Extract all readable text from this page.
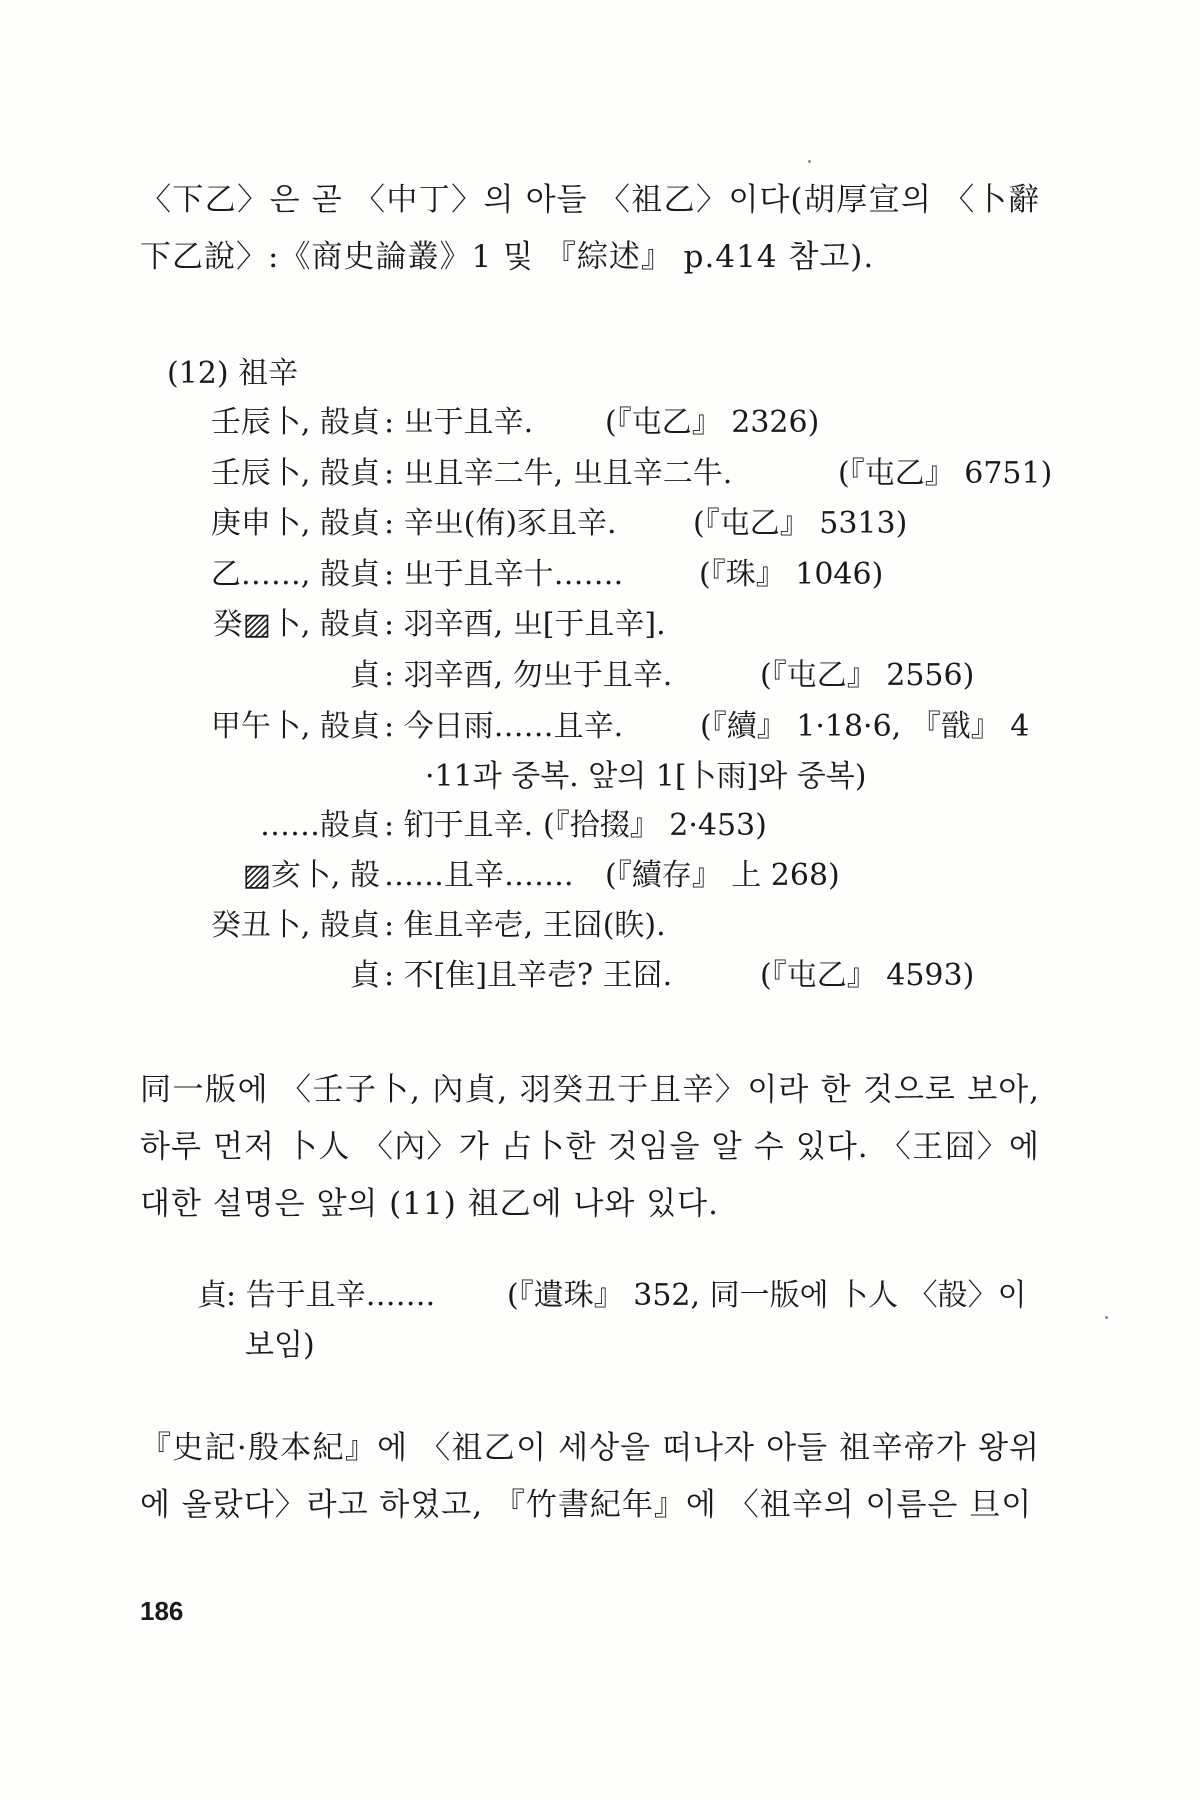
〈下乙〉은 곧 〈中丁〉의 아들 〈祖乙〉이다(胡厚宣의 〈卜辭下乙說〉:《商史論叢》1 및 『綜述』 p.414 참고).

(12) 祖辛
壬辰卜, 㱿貞 : 㞢于且辛. (『屯乙』 2326)
壬辰卜, 㱿貞 : 㞢且辛二牛, 㞢且辛二牛.	(『屯乙』 6751)
庚申卜, 㱿貞 : 辛㞢(侑)豕且辛.	(『屯乙』 5313)
乙……, 㱿貞 : 㞢于且辛十…….	(『珠』 1046)
癸▨卜, 㱿貞 : 羽辛酉, 㞢[于且辛].
貞 : 羽辛酉, 勿㞢于且辛.	(『屯乙』 2556)
甲午卜, 㱿貞 : 今日雨……且辛.	(『續』 1·18·6, 『戩』 4
·11과 중복. 앞의 1[卜雨]와 중복)
……㱿貞 : 钔于且辛. (『拾掇』 2·453)
▨亥卜, 㱿 ……且辛……. (『續存』 上 268)
癸丑卜, 㱿貞 : 隹且辛壱, 王囧(䀢).
貞 : 不[隹]且辛壱? 王囧.	(『屯乙』 4593)

同一版에 〈壬子卜, 內貞, 羽癸丑于且辛〉이라 한 것으로 보아, 하루 먼저 卜人 〈內〉가 占卜한 것임을 알 수 있다. 〈王囧〉에 대한 설명은 앞의 (11) 祖乙에 나와 있다.

貞 : 告于且辛……. (『遺珠』 352, 同一版에 卜人 〈㱿〉이
보임)

『史記·殷本紀』에 〈祖乙이 세상을 떠나자 아들 祖辛帝가 왕위에 올랐다〉라고 하였고, 『竹書紀年』에 〈祖辛의 이름은 旦이

186
